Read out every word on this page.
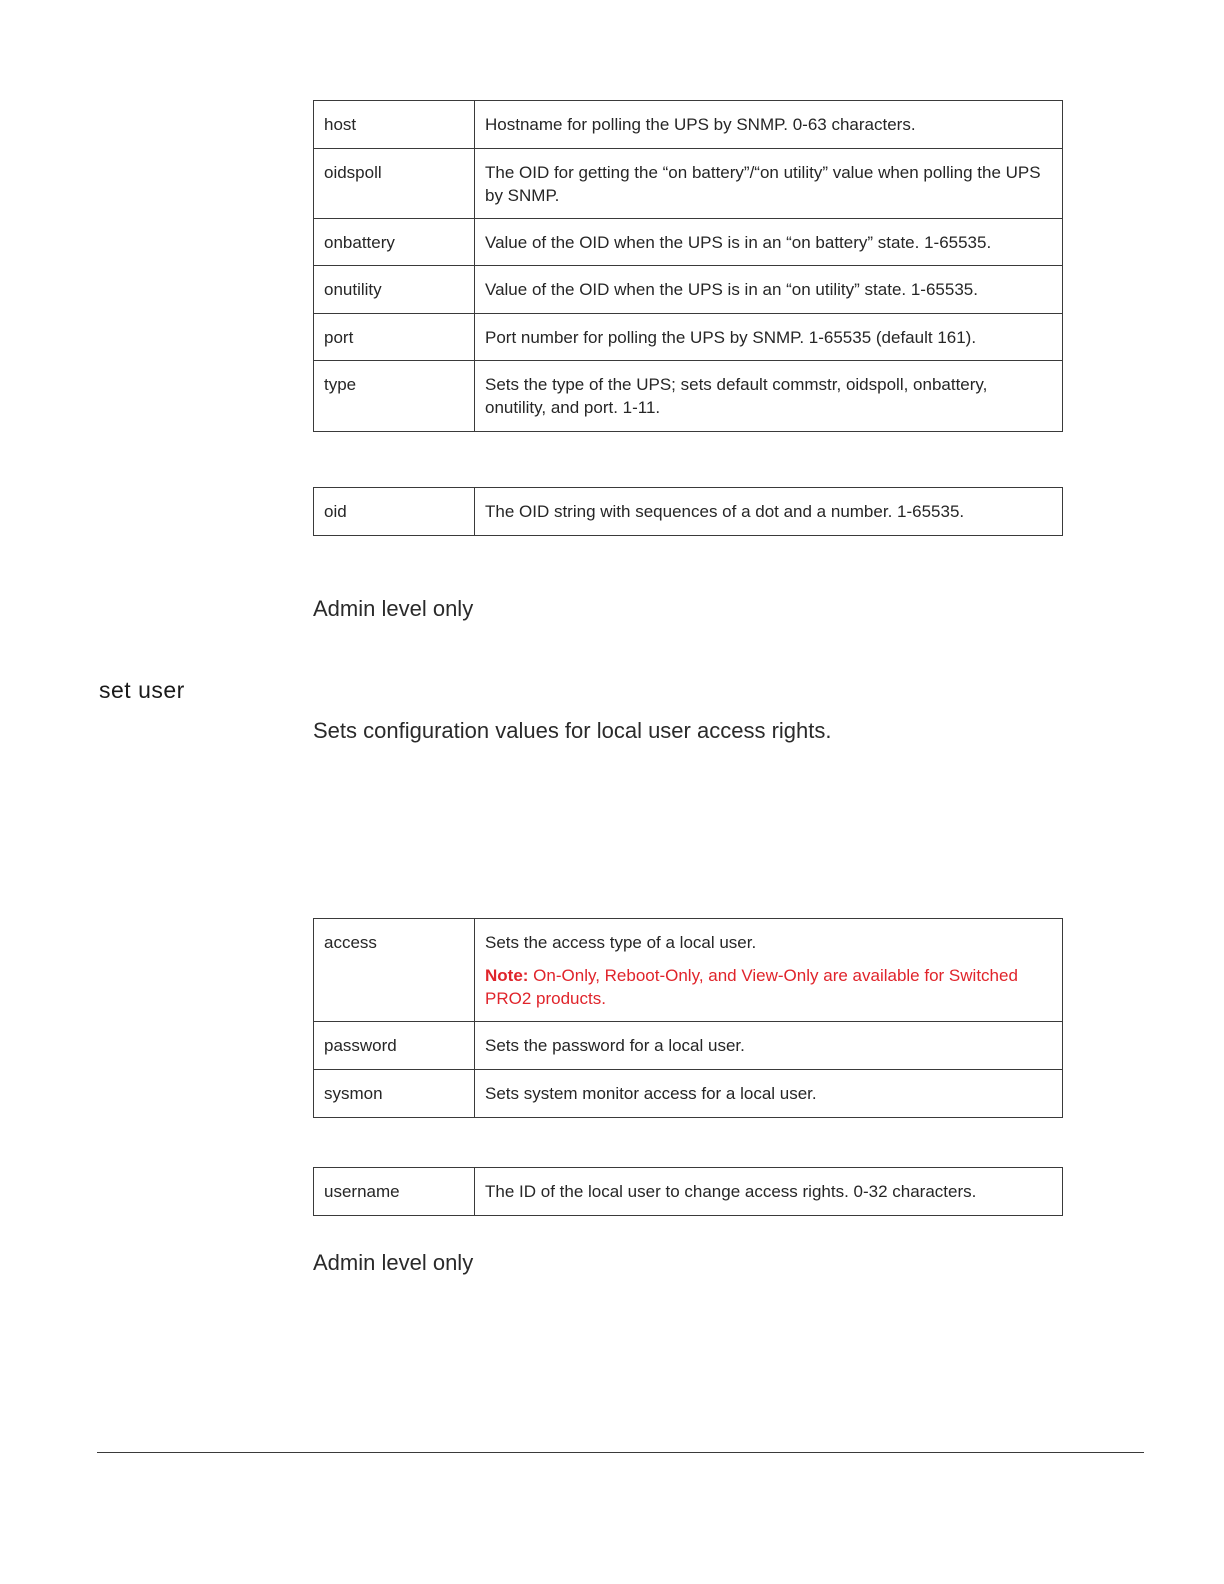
host	Hostname for polling the UPS by SNMP. 0-63 characters.
oidspoll	The OID for getting the “on battery”/“on utility” value when polling the UPS by SNMP.
onbattery	Value of the OID when the UPS is in an “on battery” state. 1-65535.
onutility	Value of the OID when the UPS is in an “on utility” state. 1-65535.
port	Port number for polling the UPS by SNMP. 1-65535 (default 161).
type	Sets the type of the UPS; sets default commstr, oidspoll, onbattery, onutility, and port. 1-11.
oid	The OID string with sequences of a dot and a number. 1-65535.

Admin level only

set user

Sets configuration values for local user access rights.

access	Sets the access type of a local user.

Note: On-Only, Reboot-Only, and View-Only are available for Switched PRO2 products.

password	Sets the password for a local user.
sysmon	Sets system monitor access for a local user.
username	The ID of the local user to change access rights. 0-32 characters.

Admin level only
